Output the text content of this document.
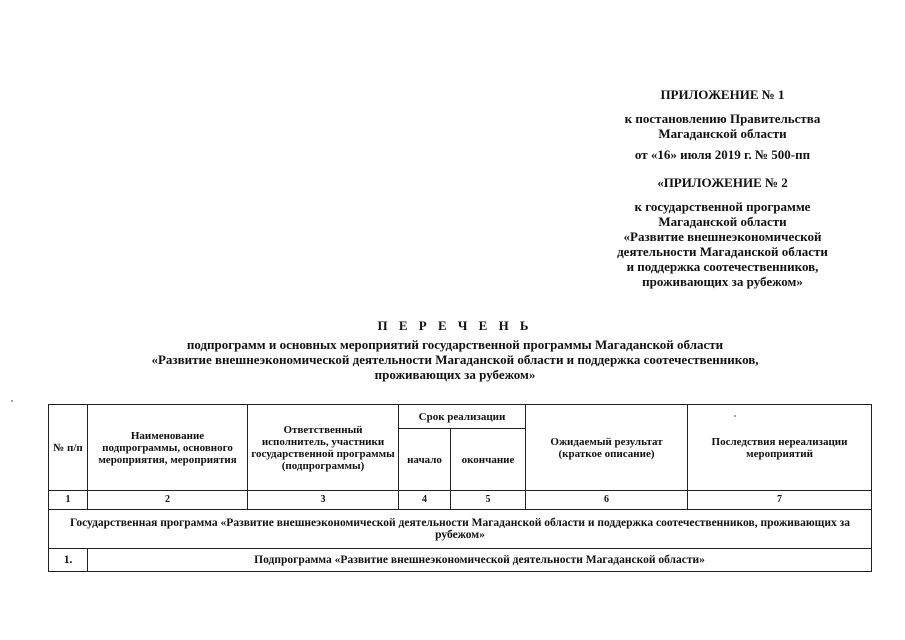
ПРИЛОЖЕНИЕ № 1

к постановлению Правительства

Магаданской области

от «16» июля 2019 г. № 500-пп

«ПРИЛОЖЕНИЕ № 2

к государственной программе

Магаданской области

«Развитие внешнеэкономической

деятельности Магаданской области

и поддержка соотечественников,

проживающих за рубежом»

П Е Р Е Ч Е Н Ь

подпрограмм и основных мероприятий государственной программы Магаданской области

«Развитие внешнеэкономической деятельности Магаданской области и поддержка соотечественников,

проживающих за рубежом»

№ п/п	Наименование подпрограммы, основного мероприятия, мероприятия	Ответственный исполнитель, участники государственной программы (подпрограммы)	Срок реализации		Ожидаемый результат (краткое описание)	Последствия нереализации мероприятий
			начало	окончание		
1	2	3	4	5	6	7
Государственная программа «Развитие внешнеэкономической деятельности Магаданской области и поддержка соотечественников, проживающих за рубежом»						
1.	Подпрограмма «Развитие внешнеэкономической деятельности Магаданской области»					
